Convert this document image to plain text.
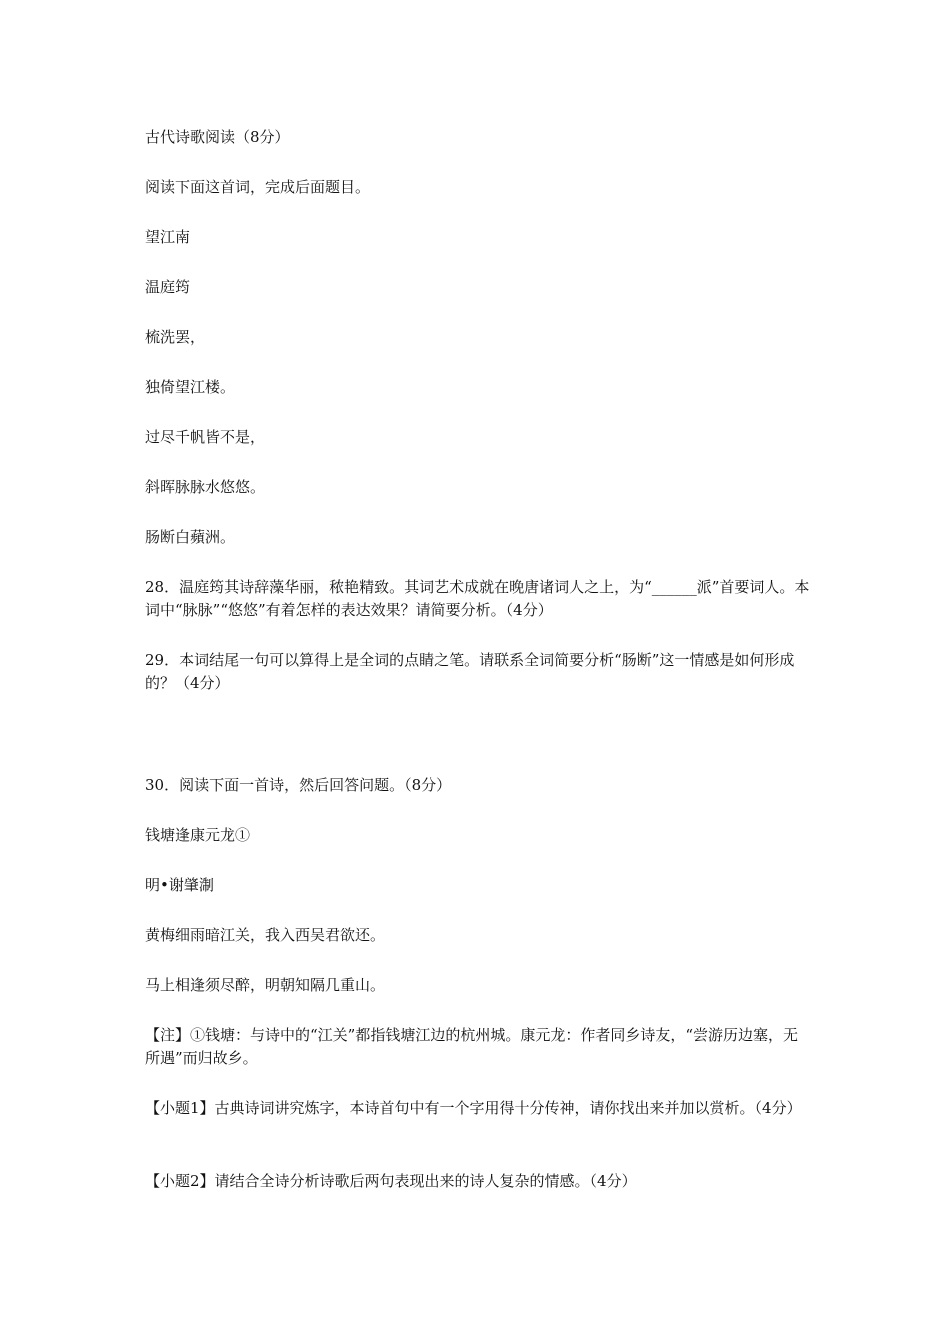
古代诗歌阅读（8分）
阅读下面这首词，完成后面题目。
望江南
温庭筠
梳洗罢，
独倚望江楼。
过尽千帆皆不是，
斜晖脉脉水悠悠。
肠断白蘋洲。
28．温庭筠其诗辞藻华丽，秾艳精致。其词艺术成就在晚唐诸词人之上，为“______派”首要词人。本词中“脉脉”“悠悠”有着怎样的表达效果？请简要分析。（4分）
29．本词结尾一句可以算得上是全词的点睛之笔。请联系全词简要分析“肠断”这一情感是如何形成的？（4分）
30．阅读下面一首诗，然后回答问题。（8分）
钱塘逢康元龙①
明•谢肇淛
黄梅细雨暗江关，我入西吴君欲还。
马上相逢须尽醉，明朝知隔几重山。
【注】①钱塘：与诗中的“江关”都指钱塘江边的杭州城。康元龙：作者同乡诗友，“尝游历边塞，无所遇”而归故乡。
【小题1】古典诗词讲究炼字，本诗首句中有一个字用得十分传神，请你找出来并加以赏析。（4分）
【小题2】请结合全诗分析诗歌后两句表现出来的诗人复杂的情感。（4分）
